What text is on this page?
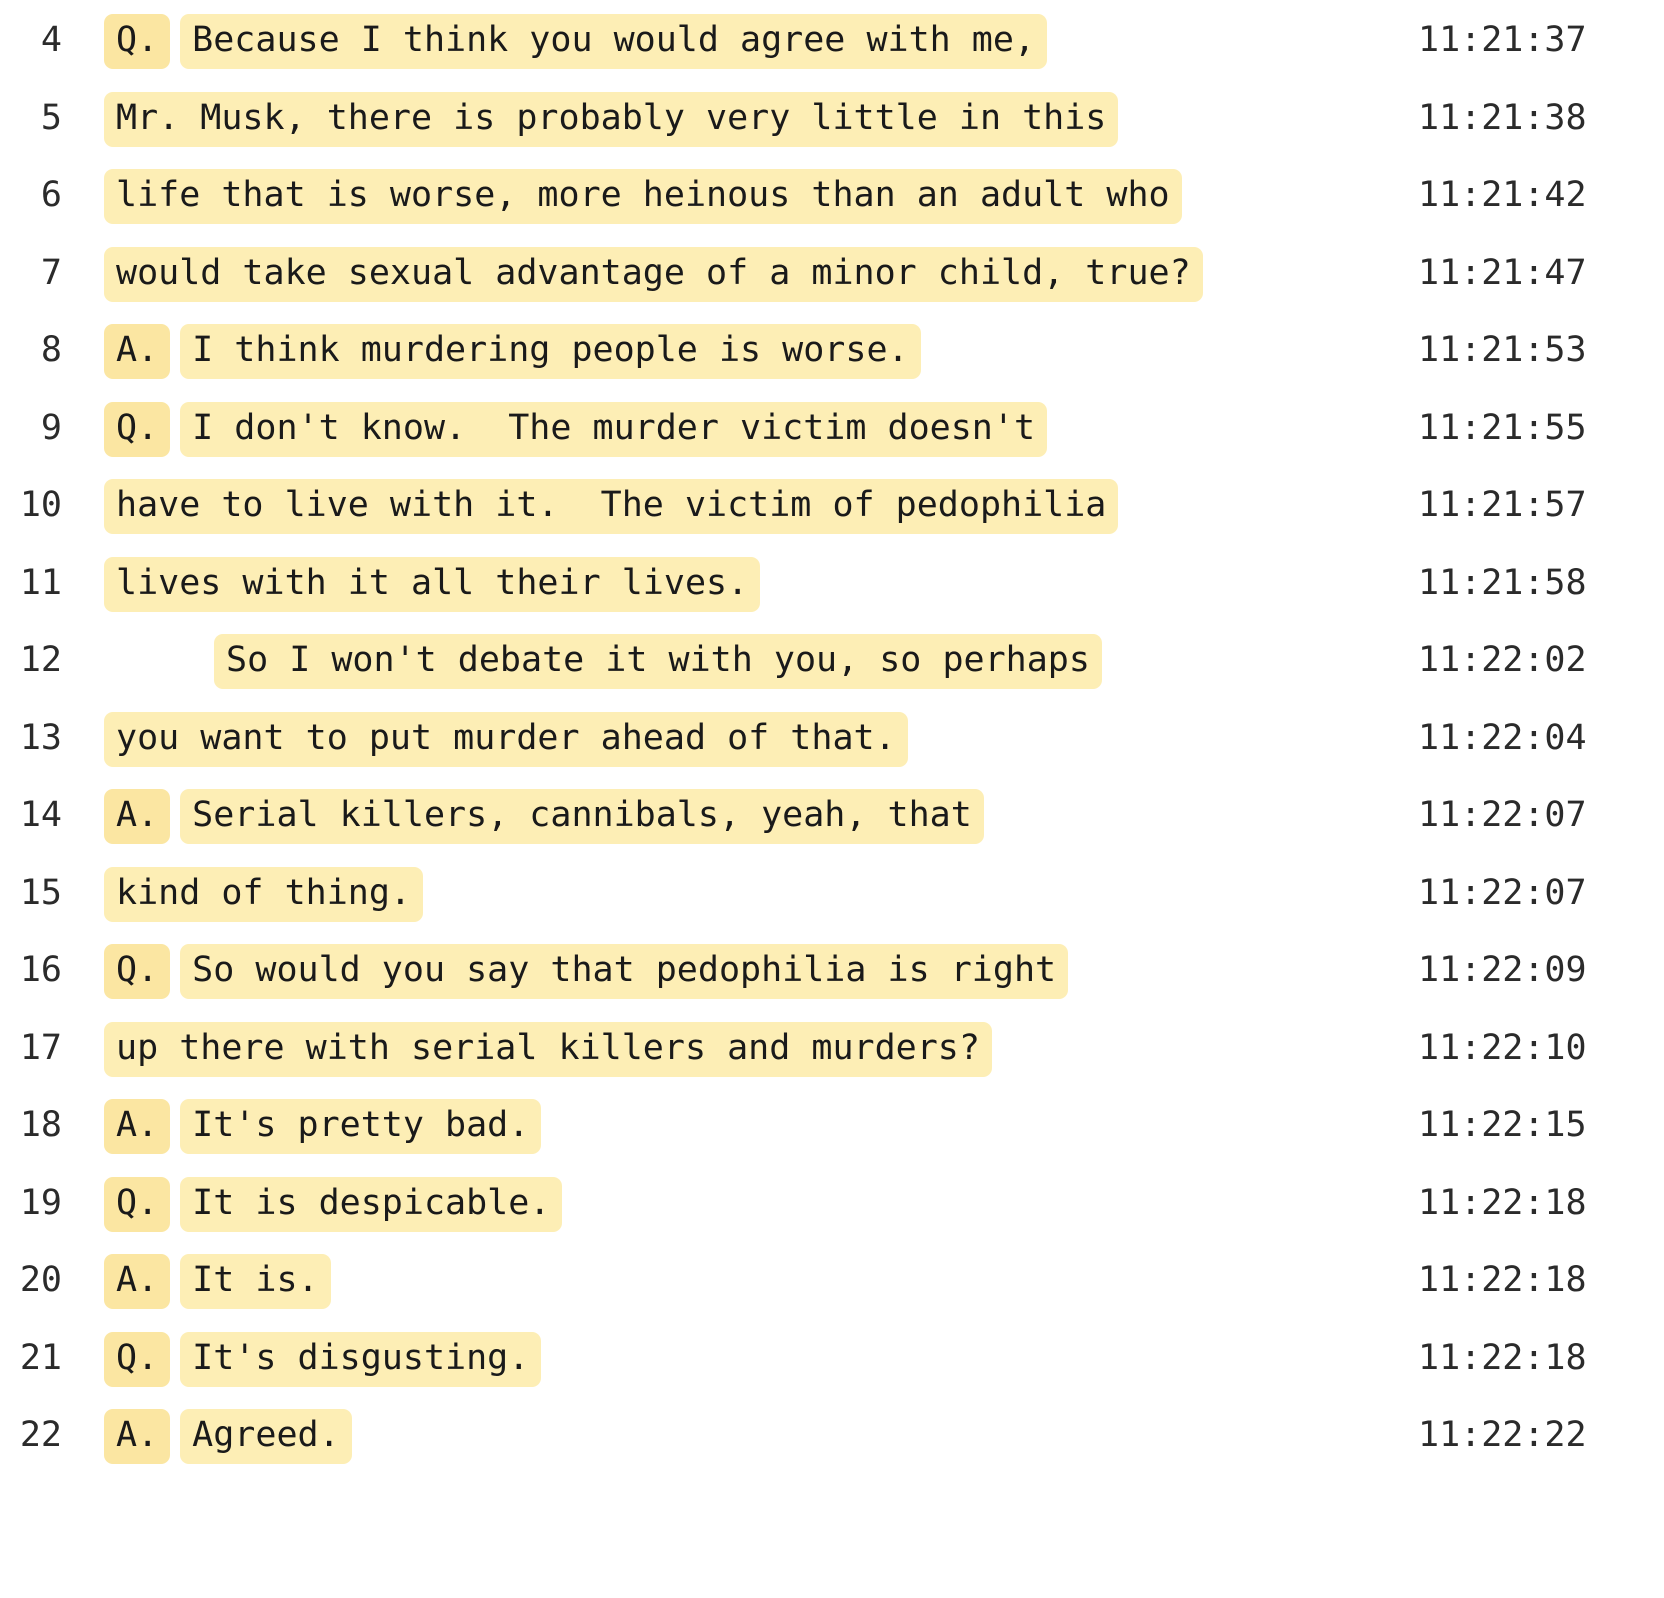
4	Q. Because I think you would agree with me,	11:21:37
5	Mr. Musk, there is probably very little in this	11:21:38
6	life that is worse, more heinous than an adult who	11:21:42
7	would take sexual advantage of a minor child, true?	11:21:47
8	A. I think murdering people is worse.	11:21:53
9	Q. I don't know.  The murder victim doesn't	11:21:55
10	have to live with it.  The victim of pedophilia	11:21:57
11	lives with it all their lives.	11:21:58
12	So I won't debate it with you, so perhaps	11:22:02
13	you want to put murder ahead of that.	11:22:04
14	A. Serial killers, cannibals, yeah, that	11:22:07
15	kind of thing.	11:22:07
16	Q. So would you say that pedophilia is right	11:22:09
17	up there with serial killers and murders?	11:22:10
18	A. It's pretty bad.	11:22:15
19	Q. It is despicable.	11:22:18
20	A. It is.	11:22:18
21	Q. It's disgusting.	11:22:18
22	A. Agreed.	11:22:22
